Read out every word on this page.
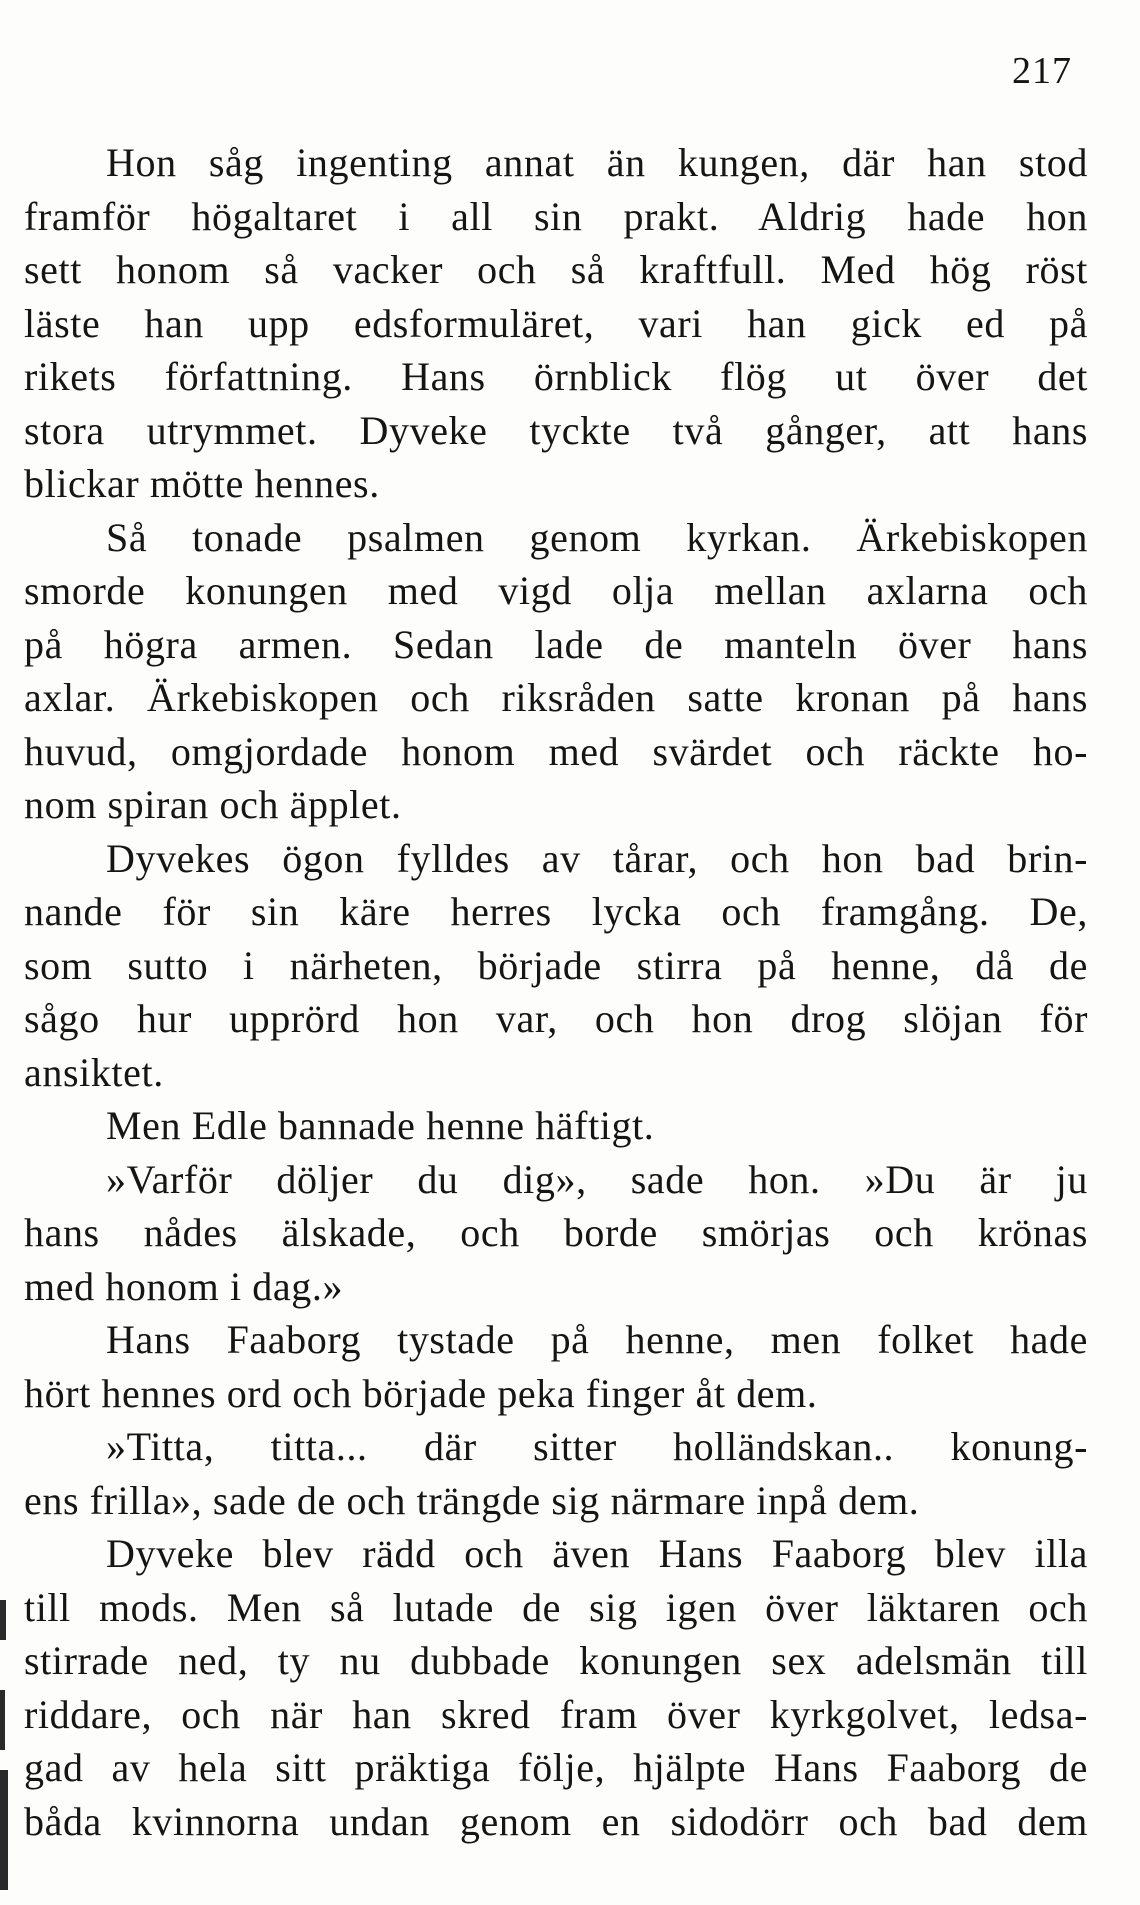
217
Hon såg ingenting annat än kungen, där han stod
framför högaltaret i all sin prakt. Aldrig hade hon
sett honom så vacker och så kraftfull. Med hög röst
läste han upp edsformuläret, vari han gick ed på
rikets författning. Hans örnblick flög ut över det
stora utrymmet. Dyveke tyckte två gånger, att hans
blickar mötte hennes.
Så tonade psalmen genom kyrkan. Ärkebiskopen
smorde konungen med vigd olja mellan axlarna och
på högra armen. Sedan lade de manteln över hans
axlar. Ärkebiskopen och riksråden satte kronan på hans
huvud, omgjordade honom med svärdet och räckte ho-
nom spiran och äpplet.
Dyvekes ögon fylldes av tårar, och hon bad brin-
nande för sin käre herres lycka och framgång. De,
som sutto i närheten, började stirra på henne, då de
sågo hur upprörd hon var, och hon drog slöjan för
ansiktet.
Men Edle bannade henne häftigt.
»Varför döljer du dig», sade hon. »Du är ju
hans nådes älskade, och borde smörjas och krönas
med honom i dag.»
Hans Faaborg tystade på henne, men folket hade
hört hennes ord och började peka finger åt dem.
»Titta, titta... där sitter holländskan.. konung-
ens frilla», sade de och trängde sig närmare inpå dem.
Dyveke blev rädd och även Hans Faaborg blev illa
till mods. Men så lutade de sig igen över läktaren och
stirrade ned, ty nu dubbade konungen sex adelsmän till
riddare, och när han skred fram över kyrkgolvet, ledsa-
gad av hela sitt präktiga följe, hjälpte Hans Faaborg de
båda kvinnorna undan genom en sidodörr och bad dem
